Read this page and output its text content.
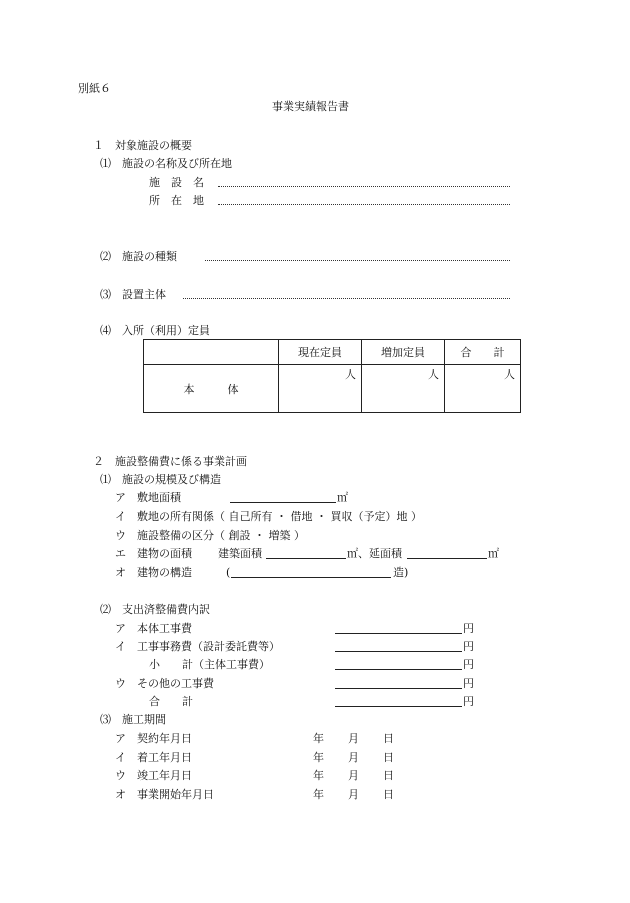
別紙６
事業実績報告書
１　対象施設の概要
⑴　施設の名称及び所在地
施　設　名
所　在　地
⑵　施設の種類
⑶　設置主体
⑷　入所（利用）定員
	現在定員	増加定員	合　　計
本　　　体	人	人	人
２　施設整備費に係る事業計画
⑴　施設の規模及び構造
ア　敷地面積	㎡
イ　敷地の所有関係（ 自己所有 ・ 借地 ・ 買収（予定）地 ）
ウ　施設整備の区分（ 創設 ・ 増築 ）
エ　建物の面積 建築面積	㎡、延面積	㎡
オ　建物の構造	(	造)
⑵　支出済整備費内訳
ア　本体工事費	円
イ　工事事務費（設計委託費等）	円
小　　計（主体工事費）	円
ウ　その他の工事費	円
合　　計	円
⑶　施工期間
ア　契約年月日	年 月 日
イ　着工年月日	年 月 日
ウ　竣工年月日	年 月 日
オ　事業開始年月日	年 月 日
